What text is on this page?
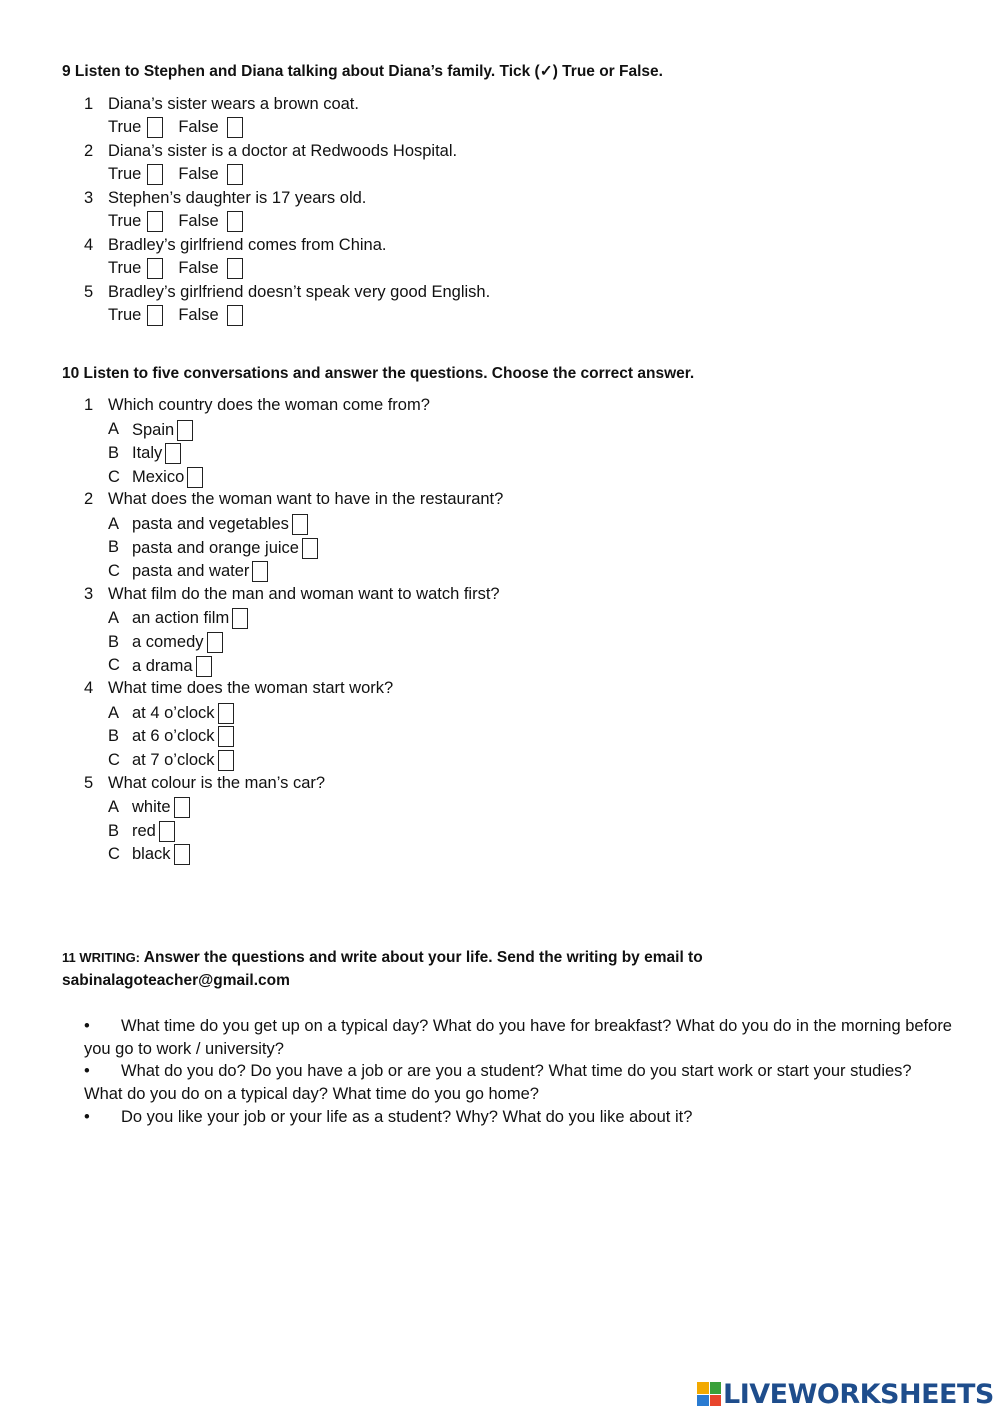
9 Listen to Stephen and Diana talking about Diana’s family. Tick (✓) True or False.
1 Diana’s sister wears a brown coat.
True False
2 Diana’s sister is a doctor at Redwoods Hospital.
True False
3 Stephen’s daughter is 17 years old.
True False
4 Bradley’s girlfriend comes from China.
True False
5 Bradley’s girlfriend doesn’t speak very good English.
True False
10 Listen to five conversations and answer the questions. Choose the correct answer.
1 Which country does the woman come from?
A Spain
B Italy
C Mexico
2 What does the woman want to have in the restaurant?
A pasta and vegetables
B pasta and orange juice
C pasta and water
3 What film do the man and woman want to watch first?
A an action film
B a comedy
C a drama
4 What time does the woman start work?
A at 4 o’clock
B at 6 o’clock
C at 7 o’clock
5 What colour is the man’s car?
A white
B red
C black
11 WRITING: Answer the questions and write about your life. Send the writing by email to
sabinalagoteacher@gmail.com
• What time do you get up on a typical day? What do you have for breakfast? What do you do in the morning before you go to work / university?
• What do you do? Do you have a job or are you a student? What time do you start work or start your studies? What do you do on a typical day? What time do you go home?
• Do you like your job or your life as a student? Why? What do you like about it?
LIVEWORKSHEETS
